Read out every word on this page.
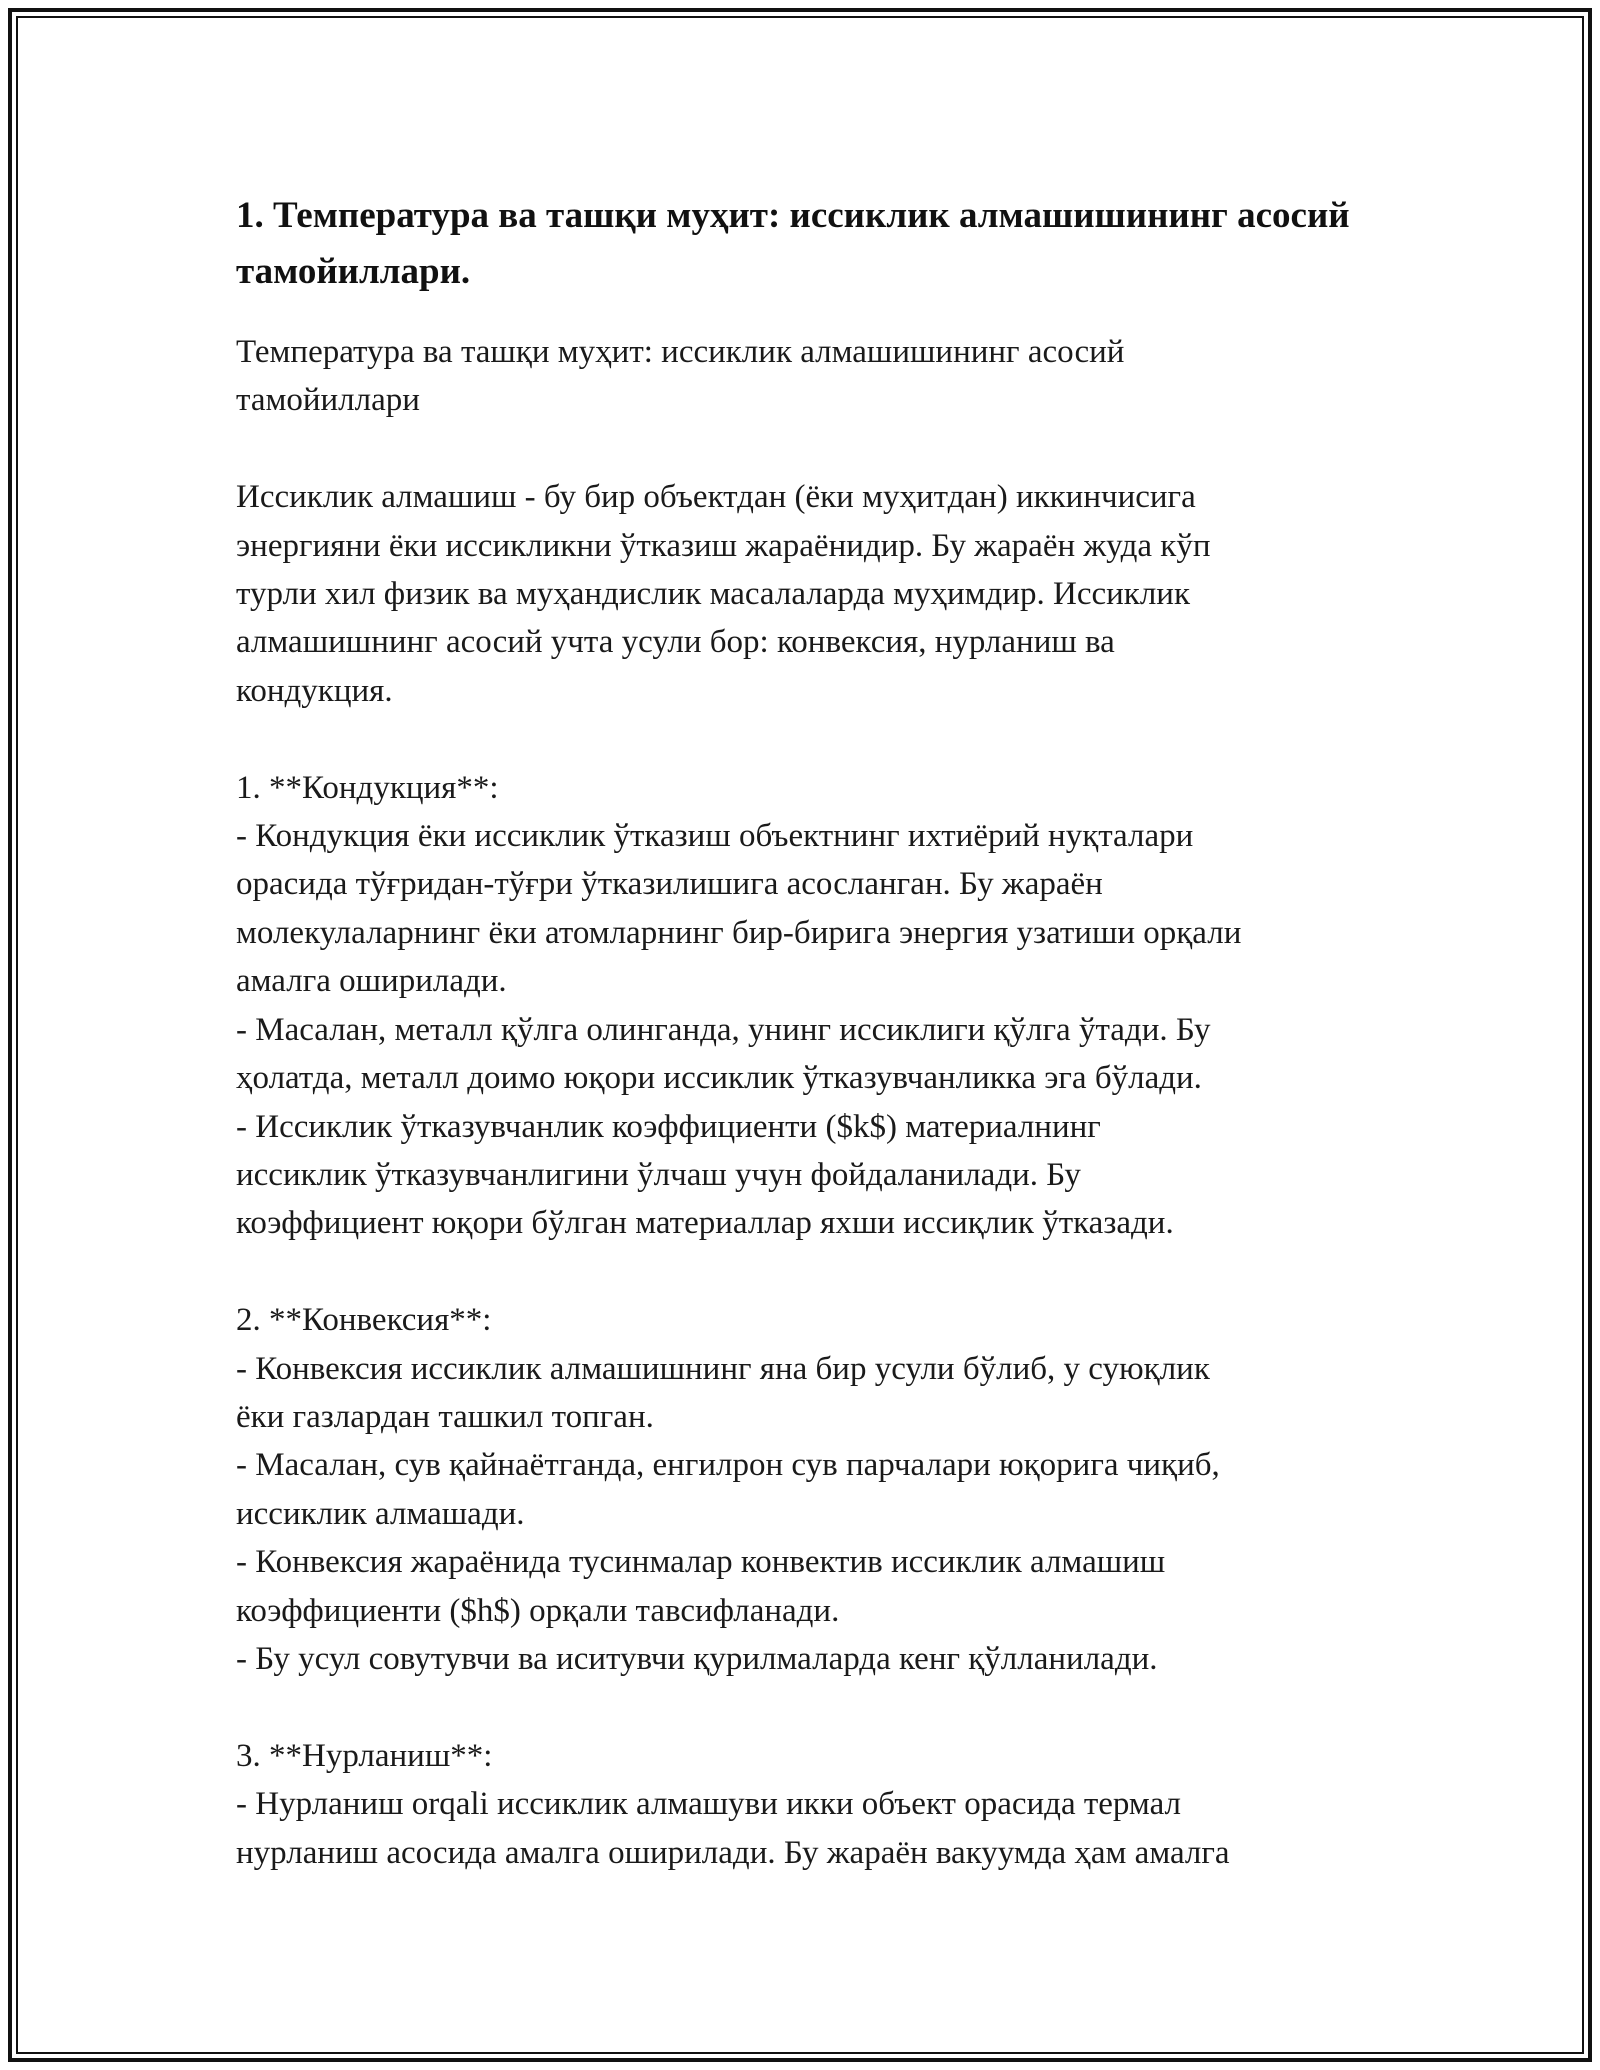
1. Температура ва ташқи муҳит: иссиклик алмашишининг асосий тамойиллари.
Температура ва ташқи муҳит: иссиклик алмашишининг асосий
тамойиллари

Иссиклик алмашиш - бу бир объектдан (ёки муҳитдан) иккинчисига
энергияни ёки иссикликни ўтказиш жараёнидир. Бу жараён жуда кўп
турли хил физик ва муҳандислик масалаларда муҳимдир. Иссиклик
алмашишнинг асосий учта усули бор: конвексия, нурланиш ва
кондукция.

1. **Кондукция**:
- Кондукция ёки иссиклик ўтказиш объектнинг ихтиёрий нуқталари
орасида тўғридан-тўғри ўтказилишига асосланган. Бу жараён
молекулаларнинг ёки атомларнинг бир-бирига энергия узатиши орқали
амалга оширилади.
- Масалан, металл қўлга олинганда, унинг иссиклиги қўлга ўтади. Бу
ҳолатда, металл доимо юқори иссиклик ўтказувчанликка эга бўлади.
- Иссиклик ўтказувчанлик коэффициенти ($k$) материалнинг
иссиклик ўтказувчанлигини ўлчаш учун фойдаланилади. Бу
коэффициент юқори бўлган материаллар яхши иссиқлик ўтказади.

2. **Конвексия**:
- Конвексия иссиклик алмашишнинг яна бир усули бўлиб, у суюқлик
ёки газлардан ташкил топган.
- Масалан, сув қайнаётганда, енгилрон сув парчалари юқорига чиқиб,
иссиклик алмашади.
- Конвексия жараёнида тусинмалар конвектив иссиклик алмашиш
коэффициенти ($h$) орқали тавсифланади.
- Бу усул совутувчи ва иситувчи қурилмаларда кенг қўлланилади.

3. **Нурланиш**:
- Нурланиш orqali иссиклик алмашуви икки объект орасида термал
нурланиш асосида амалга оширилади. Бу жараён вакуумда ҳам амалга
